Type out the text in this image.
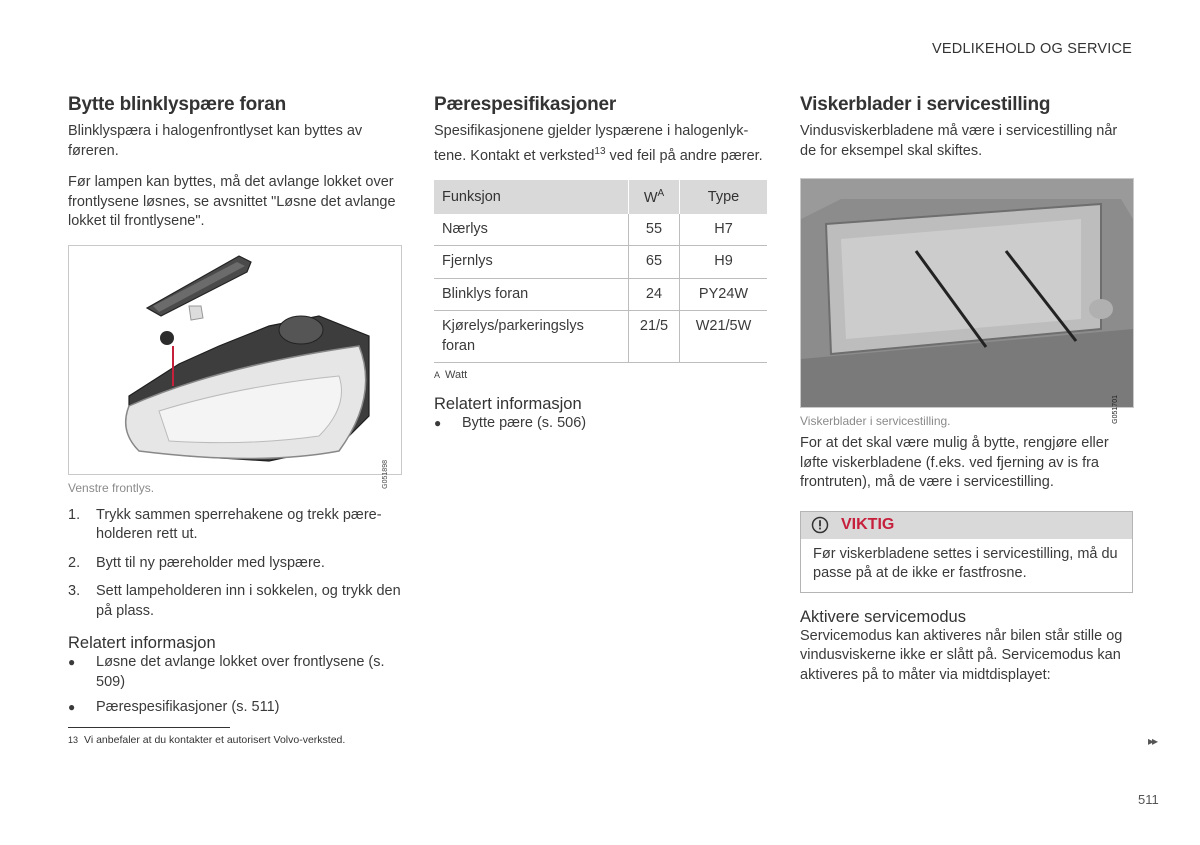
VEDLIKEHOLD OG SERVICE
Bytte blinklyspære foran

Blinklyspæra i halogenfrontlyset kan byttes av føreren.

Før lampen kan byttes, må det avlange lokket over frontlysene løsnes, se avsnittet "Løsne det avlange lokket til frontlysene".

G051898
Venstre frontlys.
1.	Trykk sammen sperrehakene og trekk pære-holderen rett ut.
2.	Bytt til ny pæreholder med lyspære.
3.	Sett lampeholderen inn i sokkelen, og trykk den på plass.
Relatert informasjon
●	Løsne det avlange lokket over frontlysene (s. 509)
●	Pærespesifikasjoner (s. 511)
Pærespesifikasjoner

Spesifikasjonene gjelder lyspærene i halogenlyk-tene. Kontakt et verksted$^{13}$ ved feil på andre pærer.

Funksjon	$W^A$	Type
Nærlys	55	H7
Fjernlys	65	H9
Blinklys foran	24	PY24W
Kjørelys/parkeringslys foran	21/5	W21/5W
A Watt
Relatert informasjon
●	Bytte pære (s. 506)
Viskerblader i servicestilling

Vindusviskerbladene må være i servicestilling når de for eksempel skal skiftes.

G051701
Viskerblader i servicestilling.

For at det skal være mulig å bytte, rengjøre eller løfte viskerbladene (f.eks. ved fjerning av is fra frontruten), må de være i servicestilling.

VIKTIG
Før viskerbladene settes i servicestilling, må du passe på at de ikke er fastfrosne.
Aktivere servicemodus

Servicemodus kan aktiveres når bilen står stille og vindusviskerne ikke er slått på. Servicemodus kan aktiveres på to måter via midtdisplayet:

13 Vi anbefaler at du kontakter et autorisert Volvo-verksted.	▸▸
511
